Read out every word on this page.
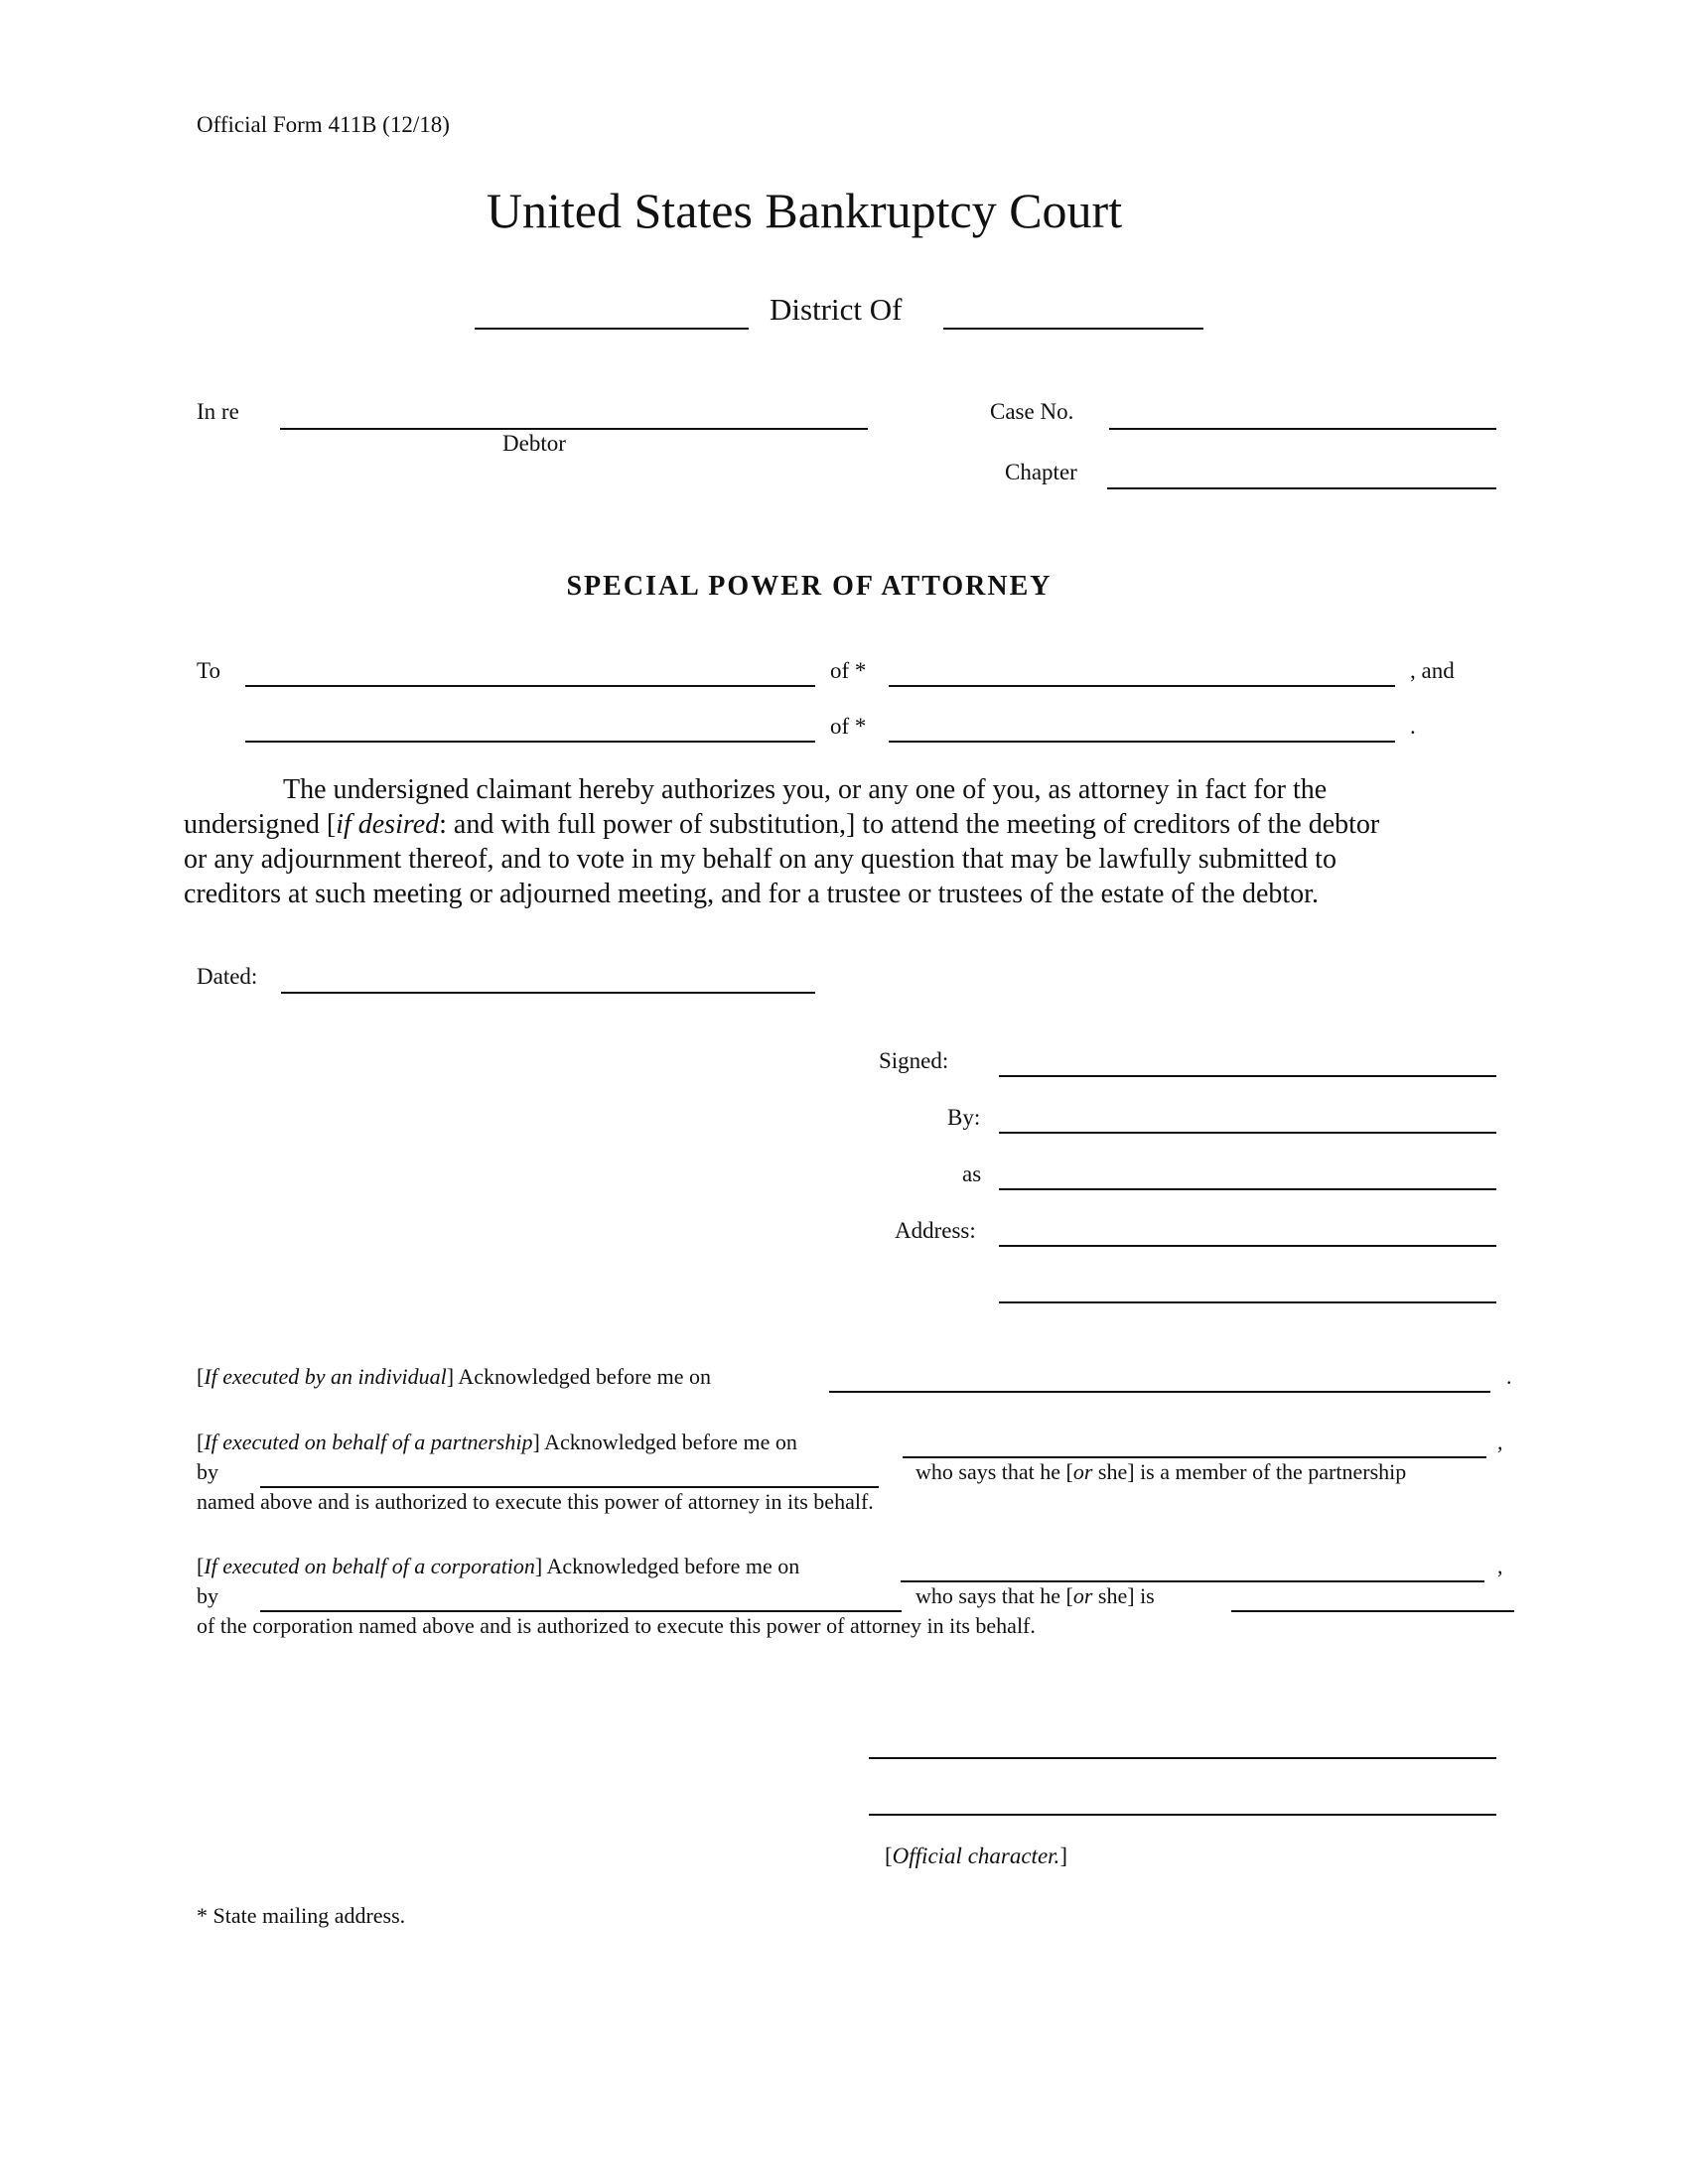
Official Form 411B (12/18)
United States Bankruptcy Court
District Of
In re
Debtor
Case No.
Chapter
SPECIAL POWER OF ATTORNEY
To	of *	, and
of *	.
The undersigned claimant hereby authorizes you, or any one of you, as attorney in fact for the
undersigned [if desired: and with full power of substitution,] to attend the meeting of creditors of the debtor
or any adjournment thereof, and to vote in my behalf on any question that may be lawfully submitted to
creditors at such meeting or adjourned meeting, and for a trustee or trustees of the estate of the debtor.
Dated:
Signed:
By:
as
Address:
[If executed by an individual] Acknowledged before me on	.
[If executed on behalf of a partnership] Acknowledged before me on	,
by	who says that he [or she] is a member of the partnership
named above and is authorized to execute this power of attorney in its behalf.
[If executed on behalf of a corporation] Acknowledged before me on	,
by	who says that he [or she] is
of the corporation named above and is authorized to execute this power of attorney in its behalf.
[Official character.]
* State mailing address.
